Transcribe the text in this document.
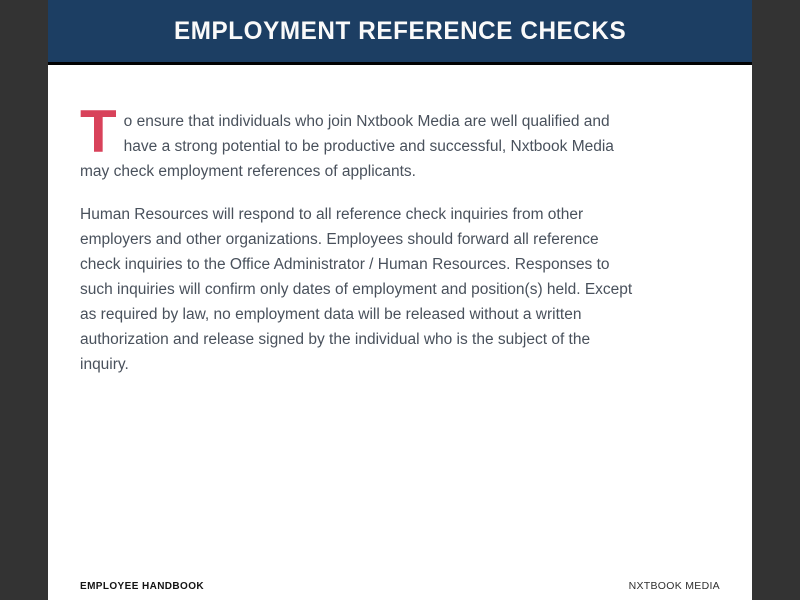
EMPLOYMENT REFERENCE CHECKS

T o ensure that individuals who join Nxtbook Media are well qualified and
have a strong potential to be productive and successful, Nxtbook Media
may check employment references of applicants.

Human Resources will respond to all reference check inquiries from other
employers and other organizations. Employees should forward all reference
check inquiries to the Office Administrator / Human Resources. Responses to
such inquiries will confirm only dates of employment and position(s) held. Except
as required by law, no employment data will be released without a written
authorization and release signed by the individual who is the subject of the
inquiry.

EMPLOYEE HANDBOOK	NXTBOOK MEDIA
